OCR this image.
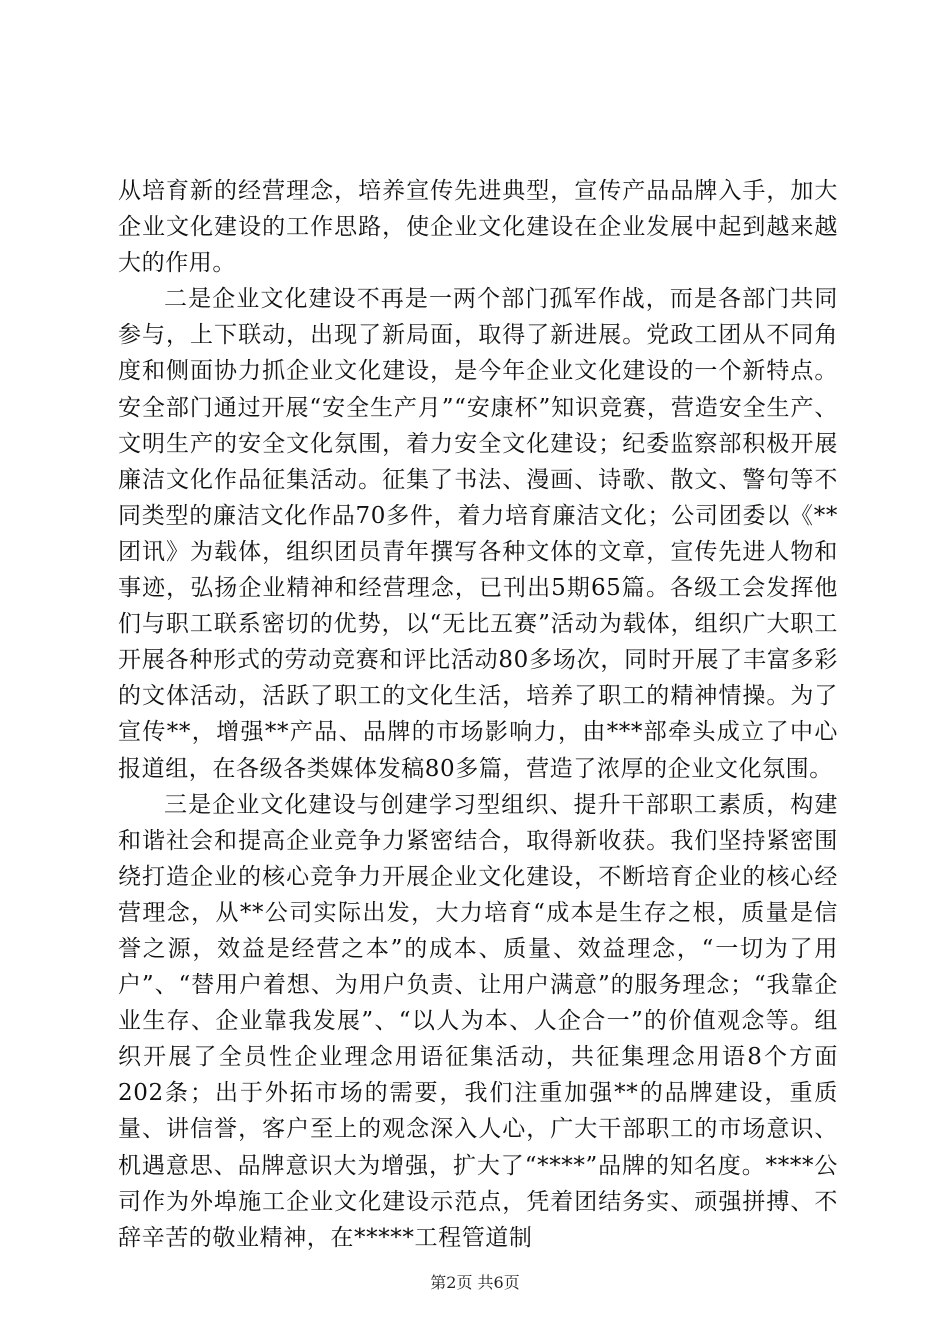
从培育新的经营理念，培养宣传先进典型，宣传产品品牌入手，加大企业文化建设的工作思路，使企业文化建设在企业发展中起到越来越大的作用。

二是企业文化建设不再是一两个部门孤军作战，而是各部门共同参与，上下联动，出现了新局面，取得了新进展。党政工团从不同角度和侧面协力抓企业文化建设，是今年企业文化建设的一个新特点。安全部门通过开展“安全生产月”“安康杯”知识竞赛，营造安全生产、文明生产的安全文化氛围，着力安全文化建设；纪委监察部积极开展廉洁文化作品征集活动。征集了书法、漫画、诗歌、散文、警句等不同类型的廉洁文化作品70多件，着力培育廉洁文化；公司团委以《**团讯》为载体，组织团员青年撰写各种文体的文章，宣传先进人物和事迹，弘扬企业精神和经营理念，已刊出5期65篇。各级工会发挥他们与职工联系密切的优势，以“无比五赛”活动为载体，组织广大职工开展各种形式的劳动竞赛和评比活动80多场次，同时开展了丰富多彩的文体活动，活跃了职工的文化生活，培养了职工的精神情操。为了宣传**，增强**产品、品牌的市场影响力，由***部牵头成立了中心报道组，在各级各类媒体发稿80多篇，营造了浓厚的企业文化氛围。

三是企业文化建设与创建学习型组织、提升干部职工素质，构建和谐社会和提高企业竞争力紧密结合，取得新收获。我们坚持紧密围绕打造企业的核心竞争力开展企业文化建设，不断培育企业的核心经营理念，从**公司实际出发，大力培育“成本是生存之根，质量是信誉之源，效益是经营之本”的成本、质量、效益理念，“一切为了用户”、“替用户着想、为用户负责、让用户满意”的服务理念；“我靠企业生存、企业靠我发展”、“以人为本、人企合一”的价值观念等。组织开展了全员性企业理念用语征集活动，共征集理念用语8个方面202条；出于外拓市场的需要，我们注重加强**的品牌建设，重质量、讲信誉，客户至上的观念深入人心，广大干部职工的市场意识、机遇意思、品牌意识大为增强，扩大了“****”品牌的知名度。****公司作为外埠施工企业文化建设示范点，凭着团结务实、顽强拼搏、不辞辛苦的敬业精神，在*****工程管道制

第2页 共6页
